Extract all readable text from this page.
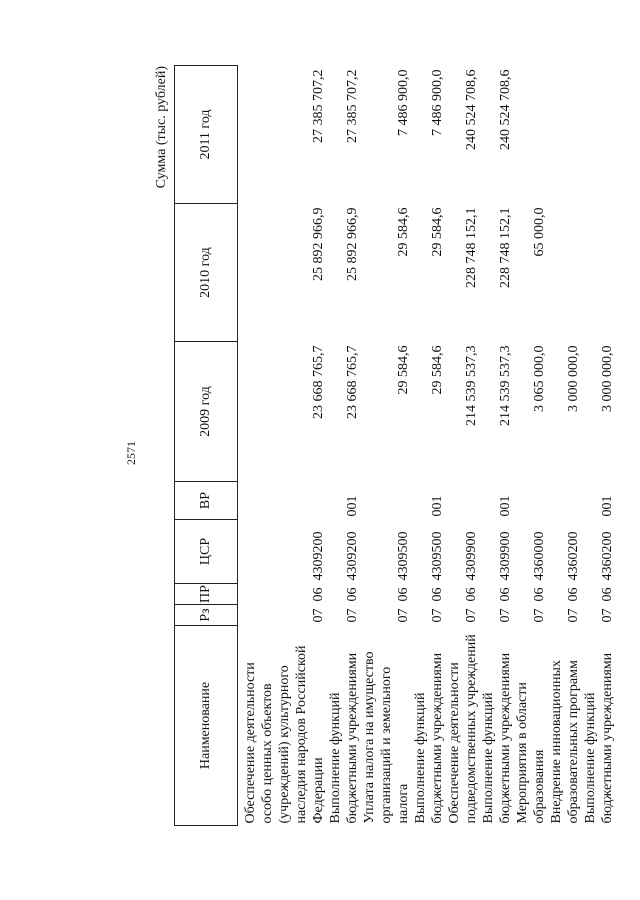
2571
Сумма (тыс. рублей)
Наименование	Рз	ПР	ЦСР	ВР	2009 год	2010 год	2011 год
Обеспечение деятельности особо ценных объектов (учреждений) культурного наследия народов Российской Федерации	07	06	4309200		23 668 765,7	25 892 966,9	27 385 707,2
Выполнение функций бюджетными учреждениями	07	06	4309200	001	23 668 765,7	25 892 966,9	27 385 707,2
Уплата налога на имущество организаций и земельного налога	07	06	4309500		29 584,6	29 584,6	7 486 900,0
Выполнение функций бюджетными учреждениями	07	06	4309500	001	29 584,6	29 584,6	7 486 900,0
Обеспечение деятельности подведомственных учреждений	07	06	4309900		214 539 537,3	228 748 152,1	240 524 708,6
Выполнение функций бюджетными учреждениями	07	06	4309900	001	214 539 537,3	228 748 152,1	240 524 708,6
Мероприятия в области образования	07	06	4360000		3 065 000,0	65 000,0	
Внедрение инновационных образовательных программ	07	06	4360200		3 000 000,0		
Выполнение функций бюджетными учреждениями	07	06	4360200	001	3 000 000,0		
